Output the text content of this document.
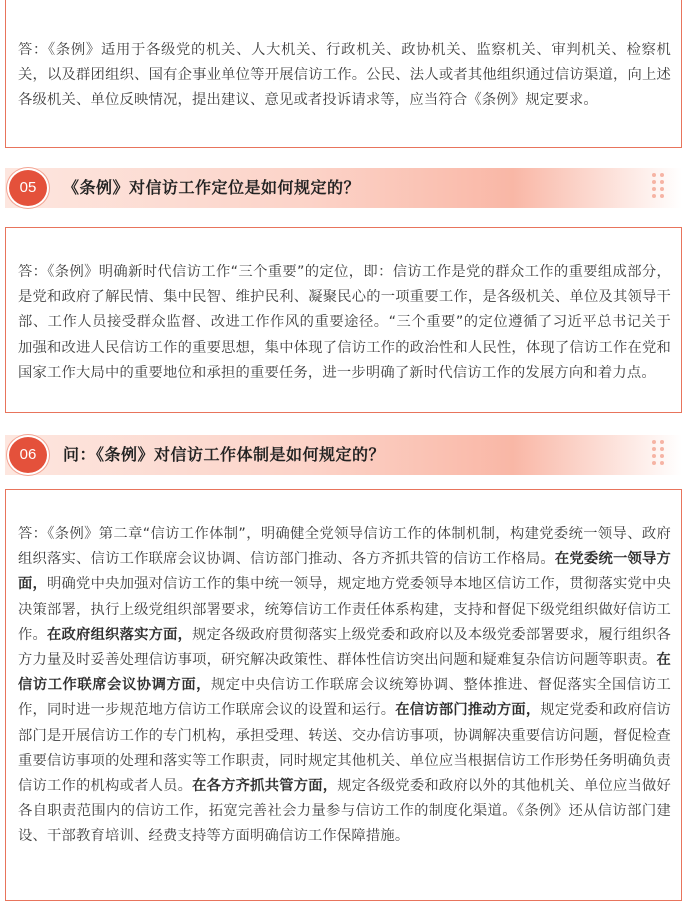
答：《条例》适用于各级党的机关、人大机关、行政机关、政协机关、监察机关、审判机关、检察机关，以及群团组织、国有企事业单位等开展信访工作。公民、法人或者其他组织通过信访渠道，向上述各级机关、单位反映情况，提出建议、意见或者投诉请求等，应当符合《条例》规定要求。

05	《条例》对信访工作定位是如何规定的？

答：《条例》明确新时代信访工作“三个重要”的定位，即：信访工作是党的群众工作的重要组成部分，是党和政府了解民情、集中民智、维护民利、凝聚民心的一项重要工作，是各级机关、单位及其领导干部、工作人员接受群众监督、改进工作作风的重要途径。“三个重要”的定位遵循了习近平总书记关于加强和改进人民信访工作的重要思想，集中体现了信访工作的政治性和人民性，体现了信访工作在党和国家工作大局中的重要地位和承担的重要任务，进一步明确了新时代信访工作的发展方向和着力点。

06	问：《条例》对信访工作体制是如何规定的？

答：《条例》第二章“信访工作体制”，明确健全党领导信访工作的体制机制，构建党委统一领导、政府组织落实、信访工作联席会议协调、信访部门推动、各方齐抓共管的信访工作格局。在党委统一领导方面，明确党中央加强对信访工作的集中统一领导，规定地方党委领导本地区信访工作，贯彻落实党中央决策部署，执行上级党组织部署要求，统筹信访工作责任体系构建，支持和督促下级党组织做好信访工作。在政府组织落实方面，规定各级政府贯彻落实上级党委和政府以及本级党委部署要求，履行组织各方力量及时妥善处理信访事项，研究解决政策性、群体性信访突出问题和疑难复杂信访问题等职责。在信访工作联席会议协调方面，规定中央信访工作联席会议统筹协调、整体推进、督促落实全国信访工作，同时进一步规范地方信访工作联席会议的设置和运行。在信访部门推动方面，规定党委和政府信访部门是开展信访工作的专门机构，承担受理、转送、交办信访事项，协调解决重要信访问题，督促检查重要信访事项的处理和落实等工作职责，同时规定其他机关、单位应当根据信访工作形势任务明确负责信访工作的机构或者人员。在各方齐抓共管方面，规定各级党委和政府以外的其他机关、单位应当做好各自职责范围内的信访工作，拓宽完善社会力量参与信访工作的制度化渠道。《条例》还从信访部门建设、干部教育培训、经费支持等方面明确信访工作保障措施。
